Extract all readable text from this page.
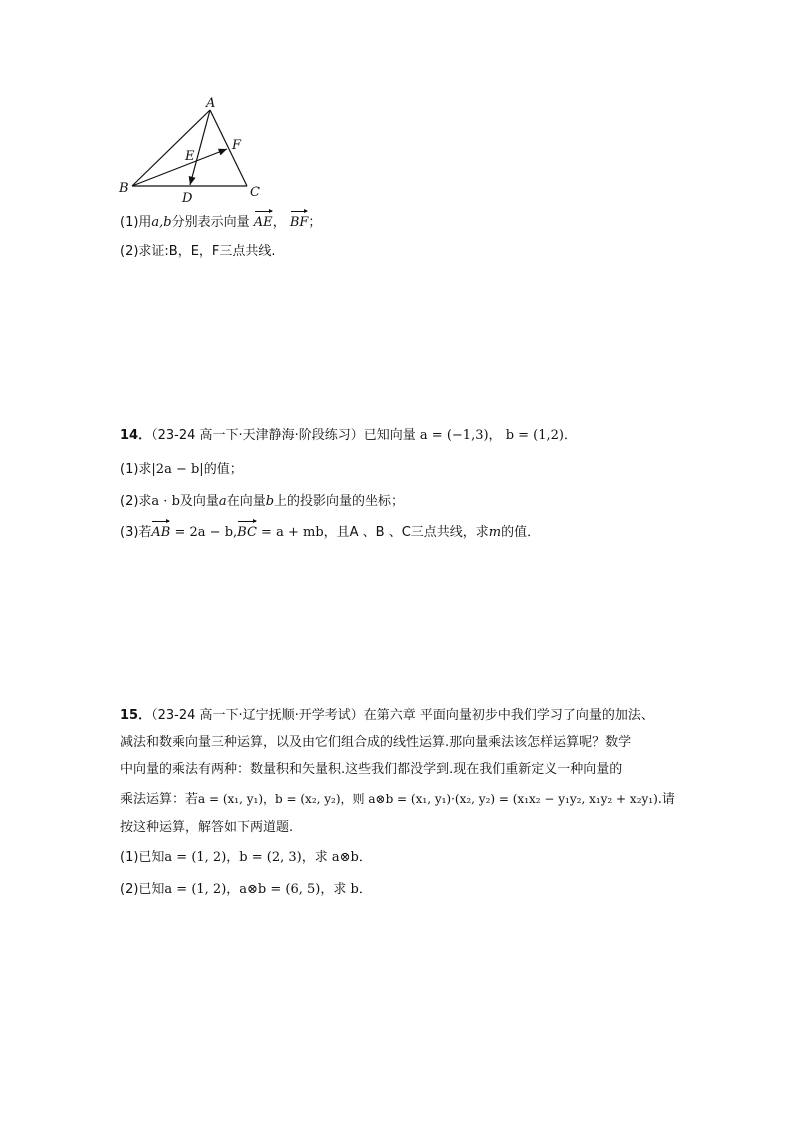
A
B	C
D
E
F
(1)用a,b分别表示向量 AE， BF；
(2)求证:B，E，F三点共线.
14．（23-24 高一下·天津静海·阶段练习）已知向量 a = (−1,3)， b = (1,2)．
(1)求|2a − b|的值；
(2)求a · b及向量a在向量b上的投影向量的坐标；
(3)若AB = 2a − b,BC = a + mb，且A 、B 、C三点共线，求m的值．
15．（23-24 高一下·辽宁抚顺·开学考试）在第六章 平面向量初步中我们学习了向量的加法、
减法和数乘向量三种运算，以及由它们组合成的线性运算.那向量乘法该怎样运算呢？数学
中向量的乘法有两种：数量积和矢量积.这些我们都没学到.现在我们重新定义一种向量的
乘法运算：若a = (x₁, y₁)，b = (x₂, y₂)，则 a⊗b = (x₁, y₁)·(x₂, y₂) = (x₁x₂ − y₁y₂, x₁y₂ + x₂y₁).请
按这种运算，解答如下两道题.
(1)已知a = (1, 2)，b = (2, 3)，求 a⊗b．
(2)已知a = (1, 2)，a⊗b = (6, 5)，求 b．
